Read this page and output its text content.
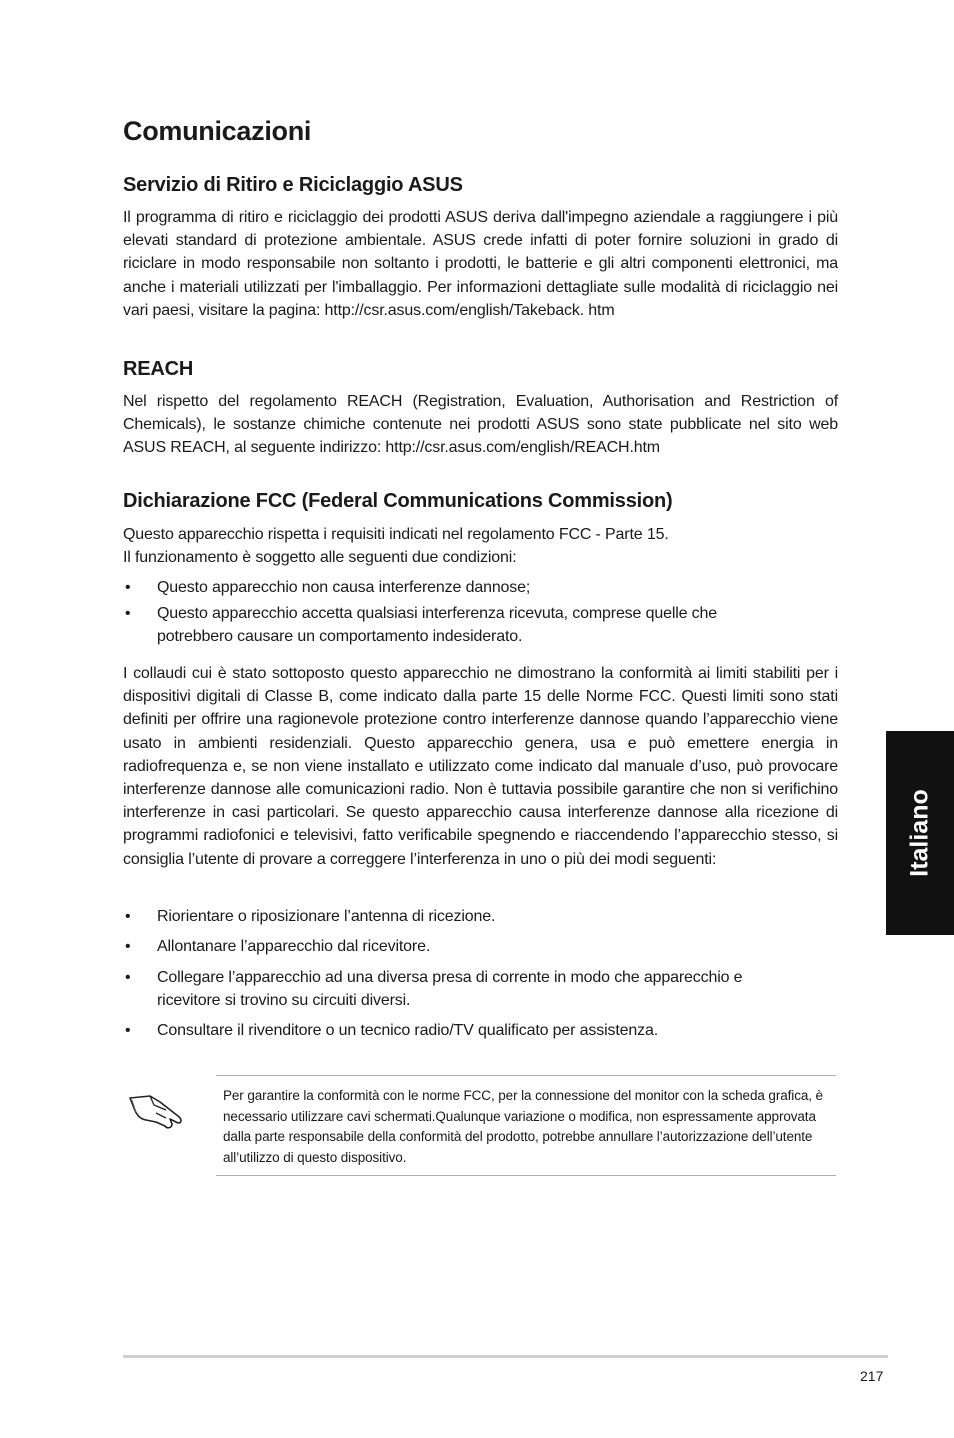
Comunicazioni
Servizio di Ritiro e Riciclaggio ASUS
Il programma di ritiro e riciclaggio dei prodotti ASUS deriva dall'impegno aziendale a raggiungere i più elevati standard di protezione ambientale. ASUS crede infatti di poter fornire soluzioni in grado di riciclare in modo responsabile non soltanto i prodotti, le batterie e gli altri componenti elettronici, ma anche i materiali utilizzati per l'imballaggio. Per informazioni dettagliate sulle modalità di riciclaggio nei vari paesi, visitare la pagina: http://csr.asus.com/english/Takeback. htm
REACH
Nel rispetto del regolamento REACH (Registration, Evaluation, Authorisation and Restriction of Chemicals), le sostanze chimiche contenute nei prodotti ASUS sono state pubblicate nel sito web ASUS REACH, al seguente indirizzo: http://csr.asus.com/english/REACH.htm
Dichiarazione FCC (Federal Communications Commission)
Questo apparecchio rispetta i requisiti indicati nel regolamento FCC - Parte 15.
Il funzionamento è soggetto alle seguenti due condizioni:
• Questo apparecchio non causa interferenze dannose;
• Questo apparecchio accetta qualsiasi interferenza ricevuta, comprese quelle che potrebbero causare un comportamento indesiderato.
I collaudi cui è stato sottoposto questo apparecchio ne dimostrano la conformità ai limiti stabiliti per i dispositivi digitali di Classe B, come indicato dalla parte 15 delle Norme FCC. Questi limiti sono stati definiti per offrire una ragionevole protezione contro interferenze dannose quando l’apparecchio viene usato in ambienti residenziali. Questo apparecchio genera, usa e può emettere energia in radiofrequenza e, se non viene installato e utilizzato come indicato dal manuale d’uso, può provocare interferenze dannose alle comunicazioni radio. Non è tuttavia possibile garantire che non si verifichino interferenze in casi particolari. Se questo apparecchio causa interferenze dannose alla ricezione di programmi radiofonici e televisivi, fatto verificabile spegnendo e riaccendendo l’apparecchio stesso, si consiglia l’utente di provare a correggere l’interferenza in uno o più dei modi seguenti:
• Riorientare o riposizionare l’antenna di ricezione.
• Allontanare l’apparecchio dal ricevitore.
• Collegare l’apparecchio ad una diversa presa di corrente in modo che apparecchio e ricevitore si trovino su circuiti diversi.
• Consultare il rivenditore o un tecnico radio/TV qualificato per assistenza.
Italiano
Per garantire la conformità con le norme FCC, per la connessione del monitor con la scheda grafica, è necessario utilizzare cavi schermati.Qualunque variazione o modifica, non espressamente approvata dalla parte responsabile della conformità del prodotto, potrebbe annullare l’autorizzazione dell’utente all’utilizzo di questo dispositivo.
217
